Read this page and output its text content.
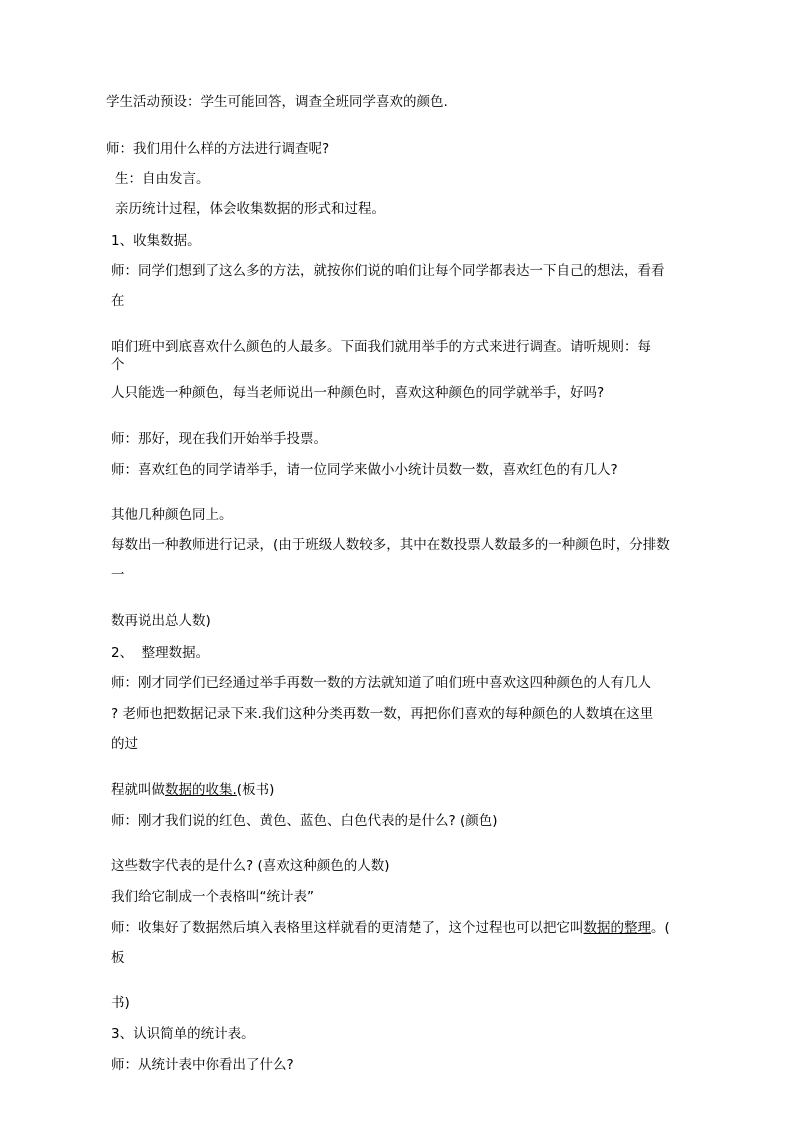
学生活动预设：学生可能回答，调查全班同学喜欢的颜色.
师：我们用什么样的方法进行调查呢?
生：自由发言。
亲历统计过程，体会收集数据的形式和过程。
1、收集数据。
师：同学们想到了这么多的方法，就按你们说的咱们让每个同学都表达一下自己的想法，看看
在
咱们班中到底喜欢什么颜色的人最多。下面我们就用举手的方式来进行调查。请听规则：每
个
人只能选一种颜色，每当老师说出一种颜色时，喜欢这种颜色的同学就举手，好吗?
师：那好，现在我们开始举手投票。
师：喜欢红色的同学请举手，请一位同学来做小小统计员数一数，喜欢红色的有几人?
其他几种颜色同上。
每数出一种教师进行记录，(由于班级人数较多，其中在数投票人数最多的一种颜色时，分排数
一
数再说出总人数)
2、  整理数据。
师：刚才同学们已经通过举手再数一数的方法就知道了咱们班中喜欢这四种颜色的人有几人
? 老师也把数据记录下来.我们这种分类再数一数，再把你们喜欢的每种颜色的人数填在这里
的过
程就叫做数据的收集.(板书)
师：刚才我们说的红色、黄色、蓝色、白色代表的是什么? (颜色)
这些数字代表的是什么? (喜欢这种颜色的人数)
我们给它制成一个表格叫“统计表”
师：收集好了数据然后填入表格里这样就看的更清楚了，这个过程也可以把它叫数据的整理。(
板
书)
3、认识简单的统计表。
师：从统计表中你看出了什么?
